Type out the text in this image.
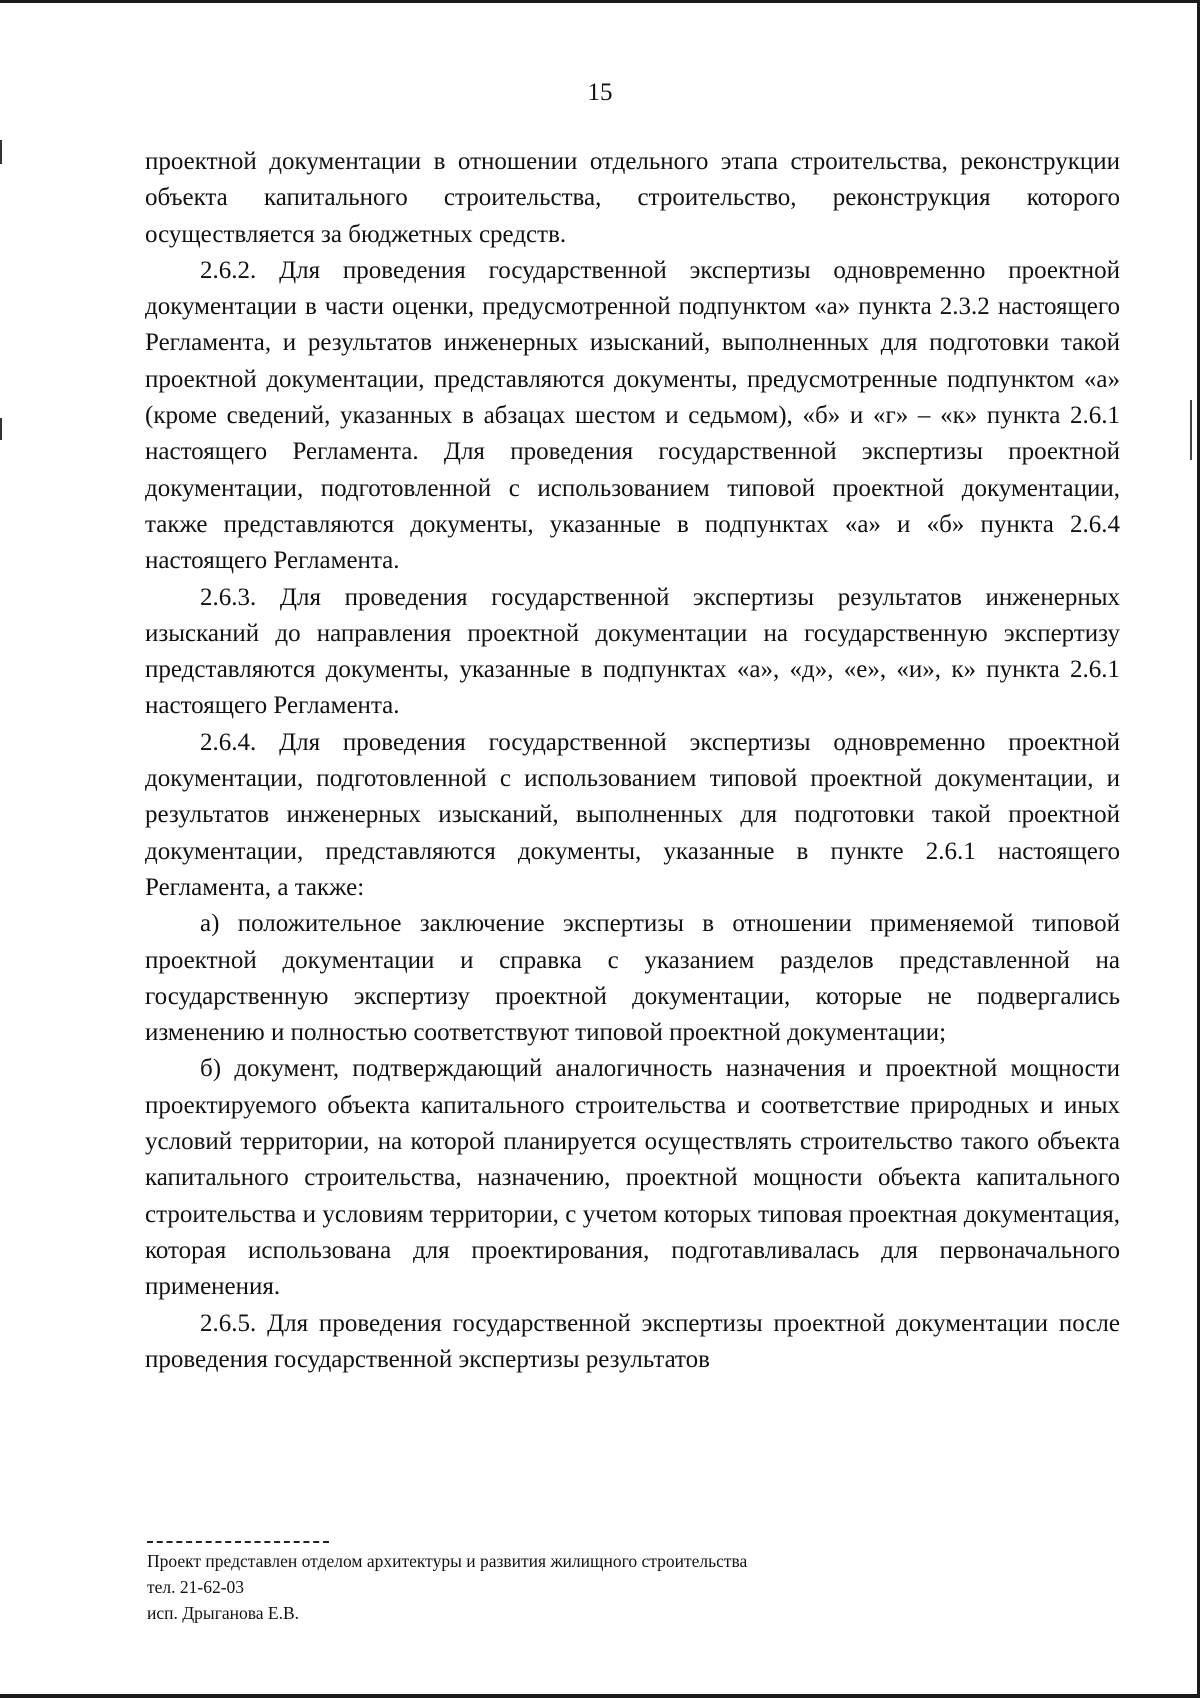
15

проектной документации в отношении отдельного этапа строительства, реконструкции объекта капитального строительства, строительство, реконструкция которого осуществляется за бюджетных средств.

2.6.2. Для проведения государственной экспертизы одновременно проектной документации в части оценки, предусмотренной подпунктом «а» пункта 2.3.2 настоящего Регламента, и результатов инженерных изысканий, выполненных для подготовки такой проектной документации, представляются документы, предусмотренные подпунктом «а» (кроме сведений, указанных в абзацах шестом и седьмом), «б» и «г» – «к» пункта 2.6.1 настоящего Регламента. Для проведения государственной экспертизы проектной документации, подготовленной с использованием типовой проектной документации, также представляются документы, указанные в подпунктах «а» и «б» пункта 2.6.4 настоящего Регламента.

2.6.3. Для проведения государственной экспертизы результатов инженерных изысканий до направления проектной документации на государственную экспертизу представляются документы, указанные в подпунктах «а», «д», «е», «и», к» пункта 2.6.1 настоящего Регламента.

2.6.4. Для проведения государственной экспертизы одновременно проектной документации, подготовленной с использованием типовой проектной документации, и результатов инженерных изысканий, выполненных для подготовки такой проектной документации, представляются документы, указанные в пункте 2.6.1 настоящего Регламента, а также:

а) положительное заключение экспертизы в отношении применяемой типовой проектной документации и справка с указанием разделов представленной на государственную экспертизу проектной документации, которые не подвергались изменению и полностью соответствуют типовой проектной документации;

б) документ, подтверждающий аналогичность назначения и проектной мощности проектируемого объекта капитального строительства и соответствие природных и иных условий территории, на которой планируется осуществлять строительство такого объекта капитального строительства, назначению, проектной мощности объекта капитального строительства и условиям территории, с учетом которых типовая проектная документация, которая использована для проектирования, подготавливалась для первоначального применения.

2.6.5. Для проведения государственной экспертизы проектной документации после проведения государственной экспертизы результатов

Проект представлен отделом архитектуры и развития жилищного строительства
тел. 21-62-03
исп. Дрыганова Е.В.
